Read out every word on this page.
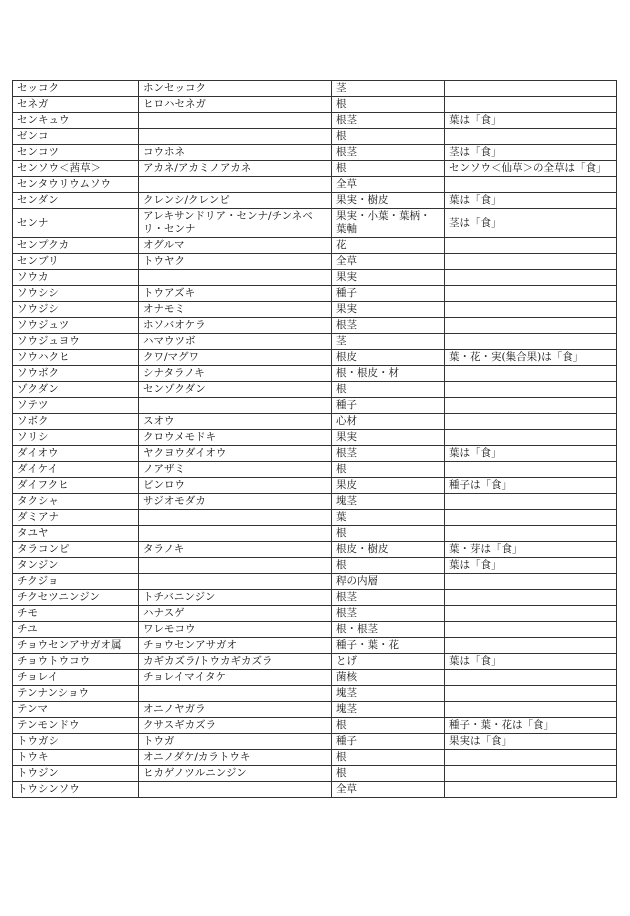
セッコク	ホンセッコク	茎	
セネガ	ヒロハセネガ	根	
センキュウ		根茎	葉は「食」
ゼンコ		根	
センコツ	コウホネ	根茎	茎は「食」
センソウ＜茜草＞	アカネ/アカミノアカネ	根	センソウ＜仙草＞の全草は「食」
センタウリウムソウ		全草	
センダン	クレンシ/クレンピ	果実・樹皮	葉は「食」
センナ	アレキサンドリア・センナ/チンネベリ・センナ	果実・小葉・葉柄・葉軸	茎は「食」
センプクカ	オグルマ	花	
センブリ	トウヤク	全草	
ソウカ		果実	
ソウシシ	トウアズキ	種子	
ソウジシ	オナモミ	果実	
ソウジュツ	ホソバオケラ	根茎	
ソウジュヨウ	ハマウツボ	茎	
ソウハクヒ	クワ/マグワ	根皮	葉・花・実(集合果)は「食」
ソウボク	シナタラノキ	根・根皮・材	
ゾクダン	センゾクダン	根	
ソテツ		種子	
ソボク	スオウ	心材	
ソリシ	クロウメモドキ	果実	
ダイオウ	ヤクヨウダイオウ	根茎	葉は「食」
ダイケイ	ノアザミ	根	
ダイフクヒ	ビンロウ	果皮	種子は「食」
タクシャ	サジオモダカ	塊茎	
ダミアナ		葉	
タユヤ		根	
タラコンピ	タラノキ	根皮・樹皮	葉・芽は「食」
タンジン		根	葉は「食」
チクジョ		稈の内層	
チクセツニンジン	トチバニンジン	根茎	
チモ	ハナスゲ	根茎	
チユ	ワレモコウ	根・根茎	
チョウセンアサガオ属	チョウセンアサガオ	種子・葉・花	
チョウトウコウ	カギカズラ/トウカギカズラ	とげ	葉は「食」
チョレイ	チョレイマイタケ	菌核	
テンナンショウ		塊茎	
テンマ	オニノヤガラ	塊茎	
テンモンドウ	クサスギカズラ	根	種子・葉・花は「食」
トウガシ	トウガ	種子	果実は「食」
トウキ	オニノダケ/カラトウキ	根	
トウジン	ヒカゲノツルニンジン	根	
トウシンソウ		全草	
